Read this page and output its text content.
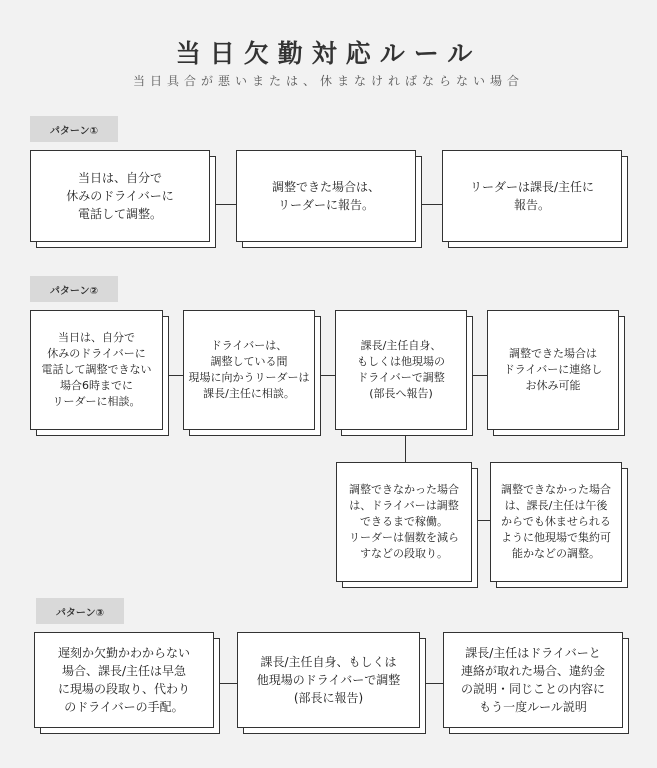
当日欠勤対応ルール
当日具合が悪いまたは、休まなければならない場合
パターン①
当日は、自分で
休みのドライバーに
電話して調整。
調整できた場合は、
リーダーに報告。
リーダーは課長/主任に
報告。
パターン②
当日は、自分で
休みのドライバーに
電話して調整できない
場合6時までに
リーダーに相談。
ドライバーは、
調整している間
現場に向かうリーダーは
課長/主任に相談。
課長/主任自身、
もしくは他現場の
ドライバーで調整
(部長へ報告)
調整できた場合は
ドライバーに連絡し
お休み可能
調整できなかった場合
は、ドライバーは調整
できるまで稼働。
リーダーは個数を減ら
すなどの段取り。
調整できなかった場合
は、課長/主任は午後
からでも休ませられる
ように他現場で集約可
能かなどの調整。
パターン③
遅刻か欠勤かわからない
場合、課長/主任は早急
に現場の段取り、代わり
のドライバーの手配。
課長/主任自身、もしくは
他現場のドライバーで調整
(部長に報告)
課長/主任はドライバーと
連絡が取れた場合、違約金
の説明・同じことの内容に
もう一度ルール説明
